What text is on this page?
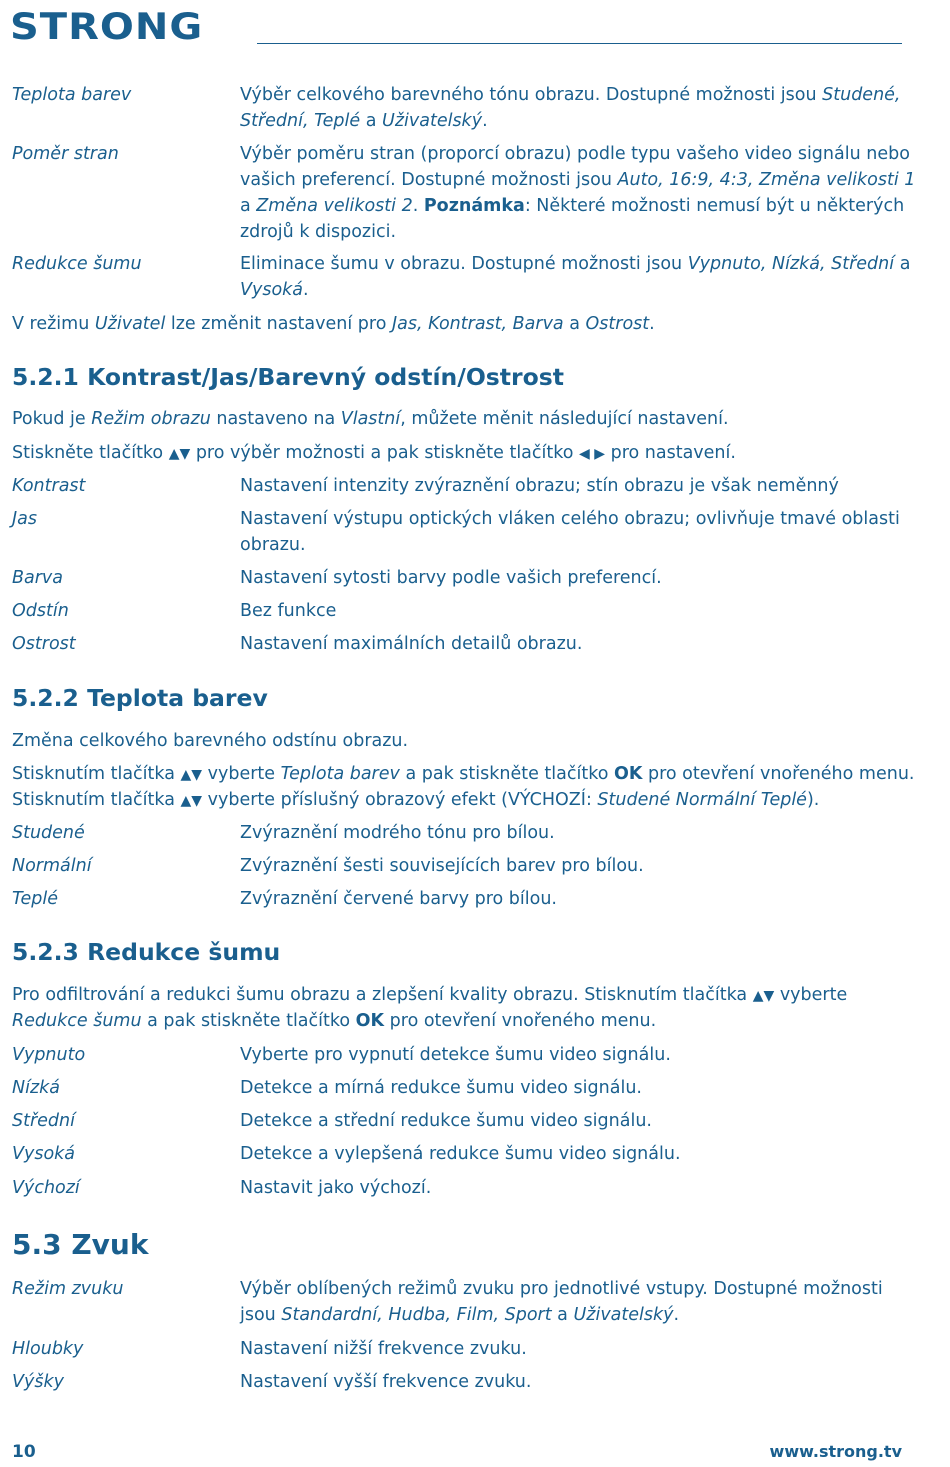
STRONG
Teplota barev	Výběr celkového barevného tónu obrazu. Dostupné možnosti jsou Studené,
Střední, Teplé a Uživatelský.
Poměr stran	Výběr poměru stran (proporcí obrazu) podle typu vašeho video signálu nebo
vašich preferencí. Dostupné možnosti jsou Auto, 16:9, 4:3, Změna velikosti 1
a Změna velikosti 2. Poznámka: Některé možnosti nemusí být u některých
zdrojů k dispozici.
Redukce šumu	Eliminace šumu v obrazu. Dostupné možnosti jsou Vypnuto, Nízká, Střední a
Vysoká.
V režimu Uživatel lze změnit nastavení pro Jas, Kontrast, Barva a Ostrost.
5.2.1 Kontrast/Jas/Barevný odstín/Ostrost
Pokud je Režim obrazu nastaveno na Vlastní, můžete měnit následující nastavení.
Stiskněte tlačítko ▲▼ pro výběr možnosti a pak stiskněte tlačítko ◀ ▶ pro nastavení.
Kontrast	Nastavení intenzity zvýraznění obrazu; stín obrazu je však neměnný
Jas	Nastavení výstupu optických vláken celého obrazu; ovlivňuje tmavé oblasti
obrazu.
Barva	Nastavení sytosti barvy podle vašich preferencí.
Odstín	Bez funkce
Ostrost	Nastavení maximálních detailů obrazu.
5.2.2 Teplota barev
Změna celkového barevného odstínu obrazu.
Stisknutím tlačítka ▲▼ vyberte Teplota barev a pak stiskněte tlačítko OK pro otevření vnořeného menu.
Stisknutím tlačítka ▲▼ vyberte příslušný obrazový efekt (VÝCHOZÍ: Studené Normální Teplé).
Studené	Zvýraznění modrého tónu pro bílou.
Normální	Zvýraznění šesti souvisejících barev pro bílou.
Teplé	Zvýraznění červené barvy pro bílou.
5.2.3 Redukce šumu
Pro odfiltrování a redukci šumu obrazu a zlepšení kvality obrazu. Stisknutím tlačítka ▲▼ vyberte
Redukce šumu a pak stiskněte tlačítko OK pro otevření vnořeného menu.
Vypnuto	Vyberte pro vypnutí detekce šumu video signálu.
Nízká	Detekce a mírná redukce šumu video signálu.
Střední	Detekce a střední redukce šumu video signálu.
Vysoká	Detekce a vylepšená redukce šumu video signálu.
Výchozí	Nastavit jako výchozí.
5.3 Zvuk
Režim zvuku	Výběr oblíbených režimů zvuku pro jednotlivé vstupy. Dostupné možnosti
jsou Standardní, Hudba, Film, Sport a Uživatelský.
Hloubky	Nastavení nižší frekvence zvuku.
Výšky	Nastavení vyšší frekvence zvuku.
10	www.strong.tv
